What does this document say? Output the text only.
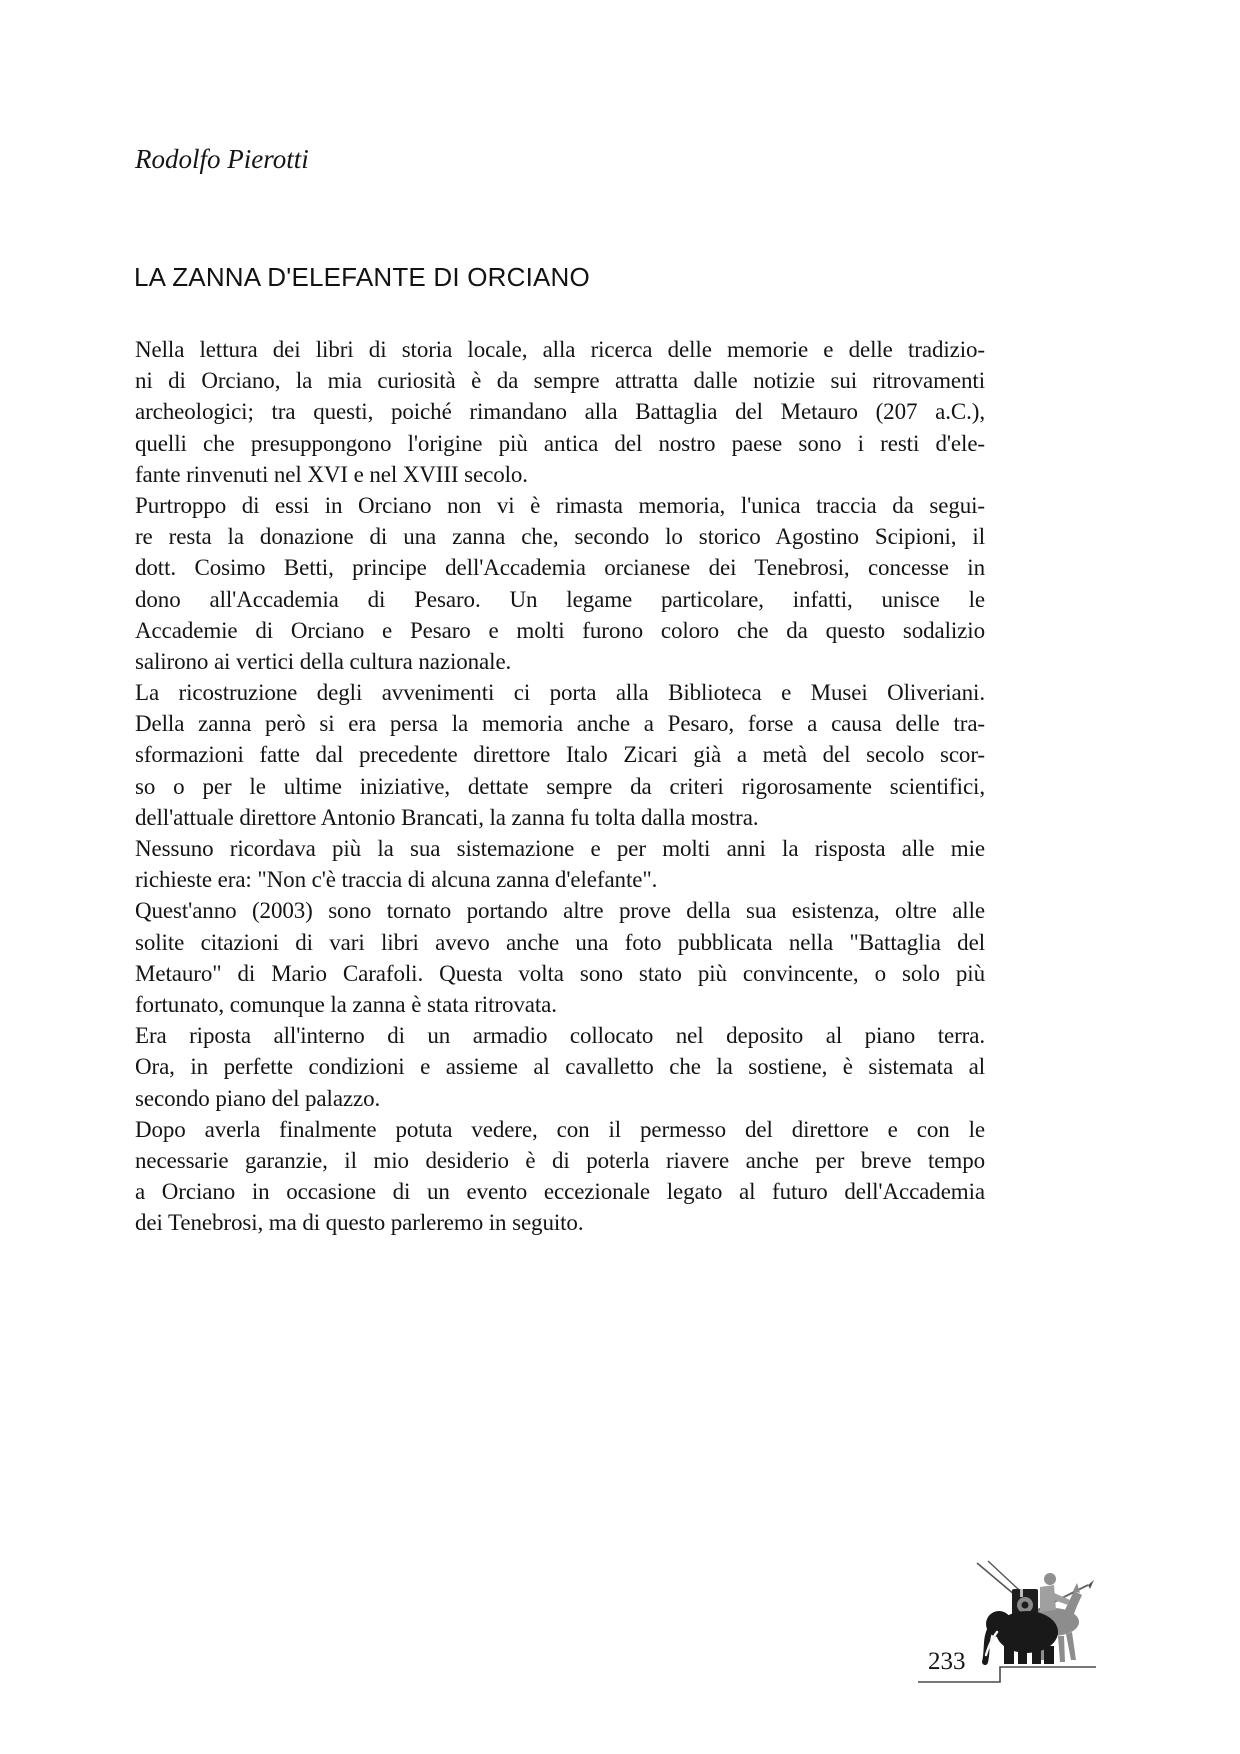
Rodolfo Pierotti
LA ZANNA D'ELEFANTE DI ORCIANO
Nella lettura dei libri di storia locale, alla ricerca delle memorie e delle tradizio-
ni di Orciano, la mia curiosità è da sempre attratta dalle notizie sui ritrovamenti
archeologici; tra questi, poiché rimandano alla Battaglia del Metauro (207 a.C.),
quelli che presuppongono l'origine più antica del nostro paese sono i resti d'ele-
fante rinvenuti nel XVI e nel XVIII secolo.
Purtroppo di essi in Orciano non vi è rimasta memoria, l'unica traccia da segui-
re resta la donazione di una zanna che, secondo lo storico Agostino Scipioni, il
dott. Cosimo Betti, principe dell'Accademia orcianese dei Tenebrosi, concesse in
dono all'Accademia di Pesaro. Un legame particolare, infatti, unisce le
Accademie di Orciano e Pesaro e molti furono coloro che da questo sodalizio
salirono ai vertici della cultura nazionale.
La ricostruzione degli avvenimenti ci porta alla Biblioteca e Musei Oliveriani.
Della zanna però si era persa la memoria anche a Pesaro, forse a causa delle tra-
sformazioni fatte dal precedente direttore Italo Zicari già a metà del secolo scor-
so o per le ultime iniziative, dettate sempre da criteri rigorosamente scientifici,
dell'attuale direttore Antonio Brancati, la zanna fu tolta dalla mostra.
Nessuno ricordava più la sua sistemazione e per molti anni la risposta alle mie
richieste era: "Non c'è traccia di alcuna zanna d'elefante".
Quest'anno (2003) sono tornato portando altre prove della sua esistenza, oltre alle
solite citazioni di vari libri avevo anche una foto pubblicata nella "Battaglia del
Metauro" di Mario Carafoli. Questa volta sono stato più convincente, o solo più
fortunato, comunque la zanna è stata ritrovata.
Era riposta all'interno di un armadio collocato nel deposito al piano terra.
Ora, in perfette condizioni e assieme al cavalletto che la sostiene, è sistemata al
secondo piano del palazzo.
Dopo averla finalmente potuta vedere, con il permesso del direttore e con le
necessarie garanzie, il mio desiderio è di poterla riavere anche per breve tempo
a Orciano in occasione di un evento eccezionale legato al futuro dell'Accademia
dei Tenebrosi, ma di questo parleremo in seguito.
233
